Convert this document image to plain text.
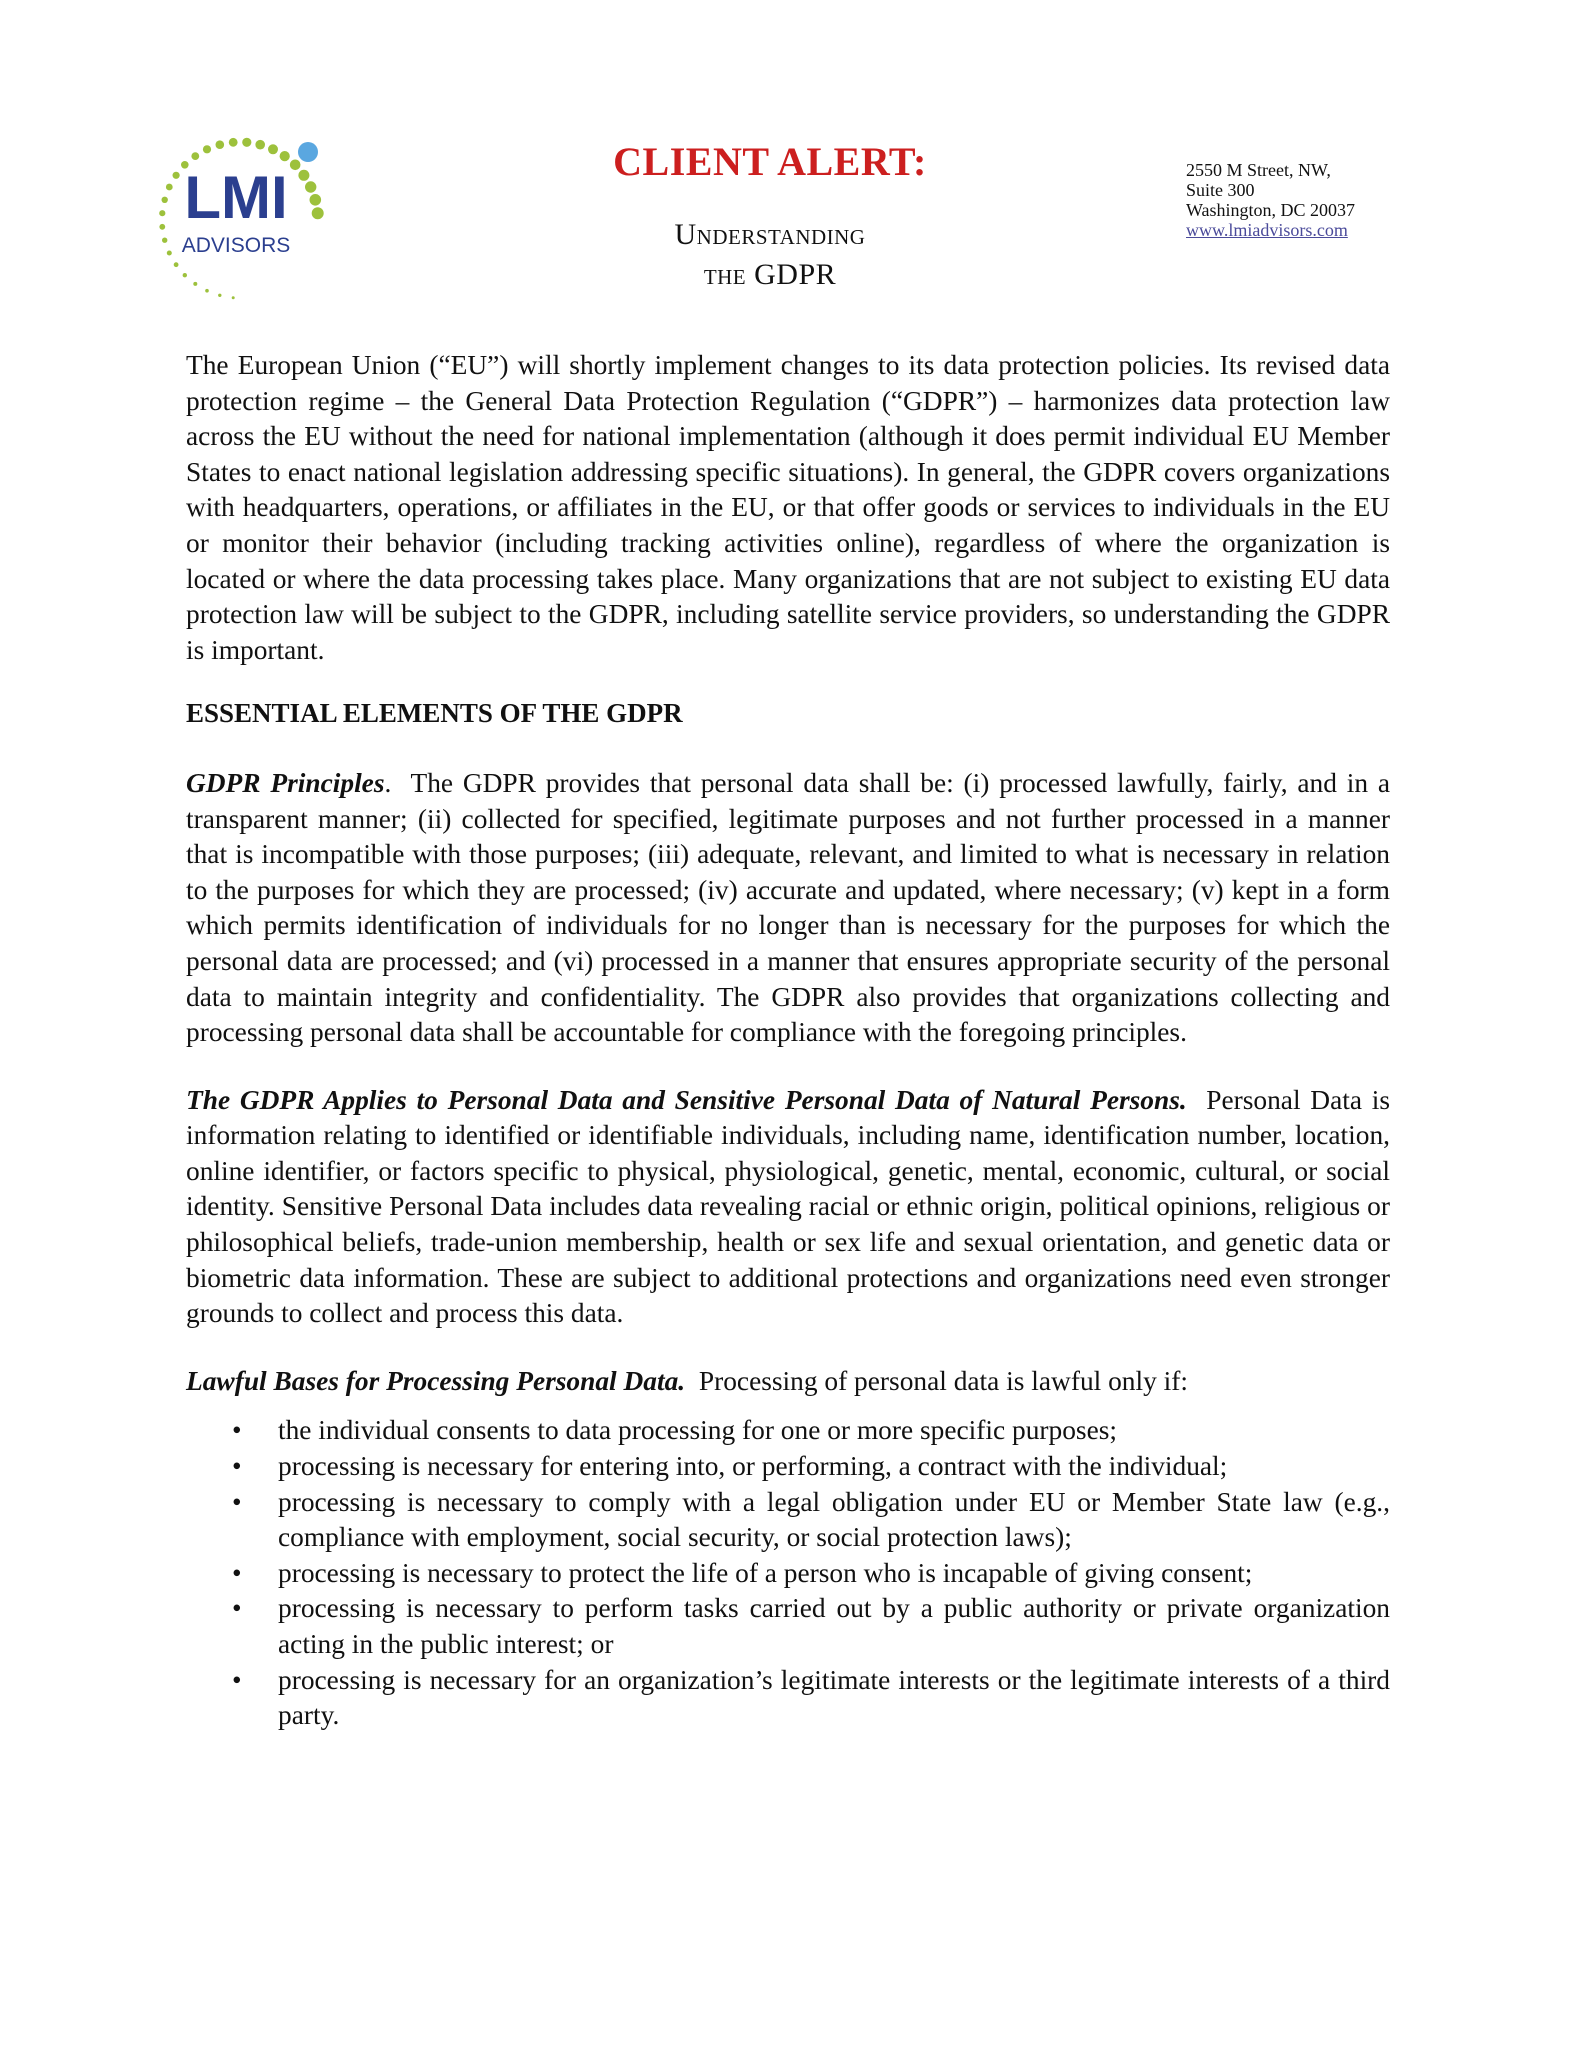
LMI
ADVISORS
CLIENT ALERT:
Understanding
the GDPR
2550 M Street, NW,
Suite 300
Washington, DC 20037
www.lmiadvisors.com

The European Union (“EU”) will shortly implement changes to its data protection policies. Its revised data protection regime – the General Data Protection Regulation (“GDPR”) – harmonizes data protection law across the EU without the need for national implementation (although it does permit individual EU Member States to enact national legislation addressing specific situations). In general, the GDPR covers organizations with headquarters, operations, or affiliates in the EU, or that offer goods or services to individuals in the EU or monitor their behavior (including tracking activities online), regardless of where the organization is located or where the data processing takes place. Many organizations that are not subject to existing EU data protection law will be subject to the GDPR, including satellite service providers, so understanding the GDPR is important.

ESSENTIAL ELEMENTS OF THE GDPR

GDPR Principles.  The GDPR provides that personal data shall be: (i) processed lawfully, fairly, and in a transparent manner; (ii) collected for specified, legitimate purposes and not further processed in a manner that is incompatible with those purposes; (iii) adequate, relevant, and limited to what is necessary in relation to the purposes for which they are processed; (iv) accurate and updated, where necessary; (v) kept in a form which permits identification of individuals for no longer than is necessary for the purposes for which the personal data are processed; and (vi) processed in a manner that ensures appropriate security of the personal data to maintain integrity and confidentiality. The GDPR also provides that organizations collecting and processing personal data shall be accountable for compliance with the foregoing principles.

The GDPR Applies to Personal Data and Sensitive Personal Data of Natural Persons. Personal Data is information relating to identified or identifiable individuals, including name, identification number, location, online identifier, or factors specific to physical, physiological, genetic, mental, economic, cultural, or social identity. Sensitive Personal Data includes data revealing racial or ethnic origin, political opinions, religious or philosophical beliefs, trade-union membership, health or sex life and sexual orientation, and genetic data or biometric data information. These are subject to additional protections and organizations need even stronger grounds to collect and process this data.

Lawful Bases for Processing Personal Data. Processing of personal data is lawful only if:

• the individual consents to data processing for one or more specific purposes;
• processing is necessary for entering into, or performing, a contract with the individual;
• processing is necessary to comply with a legal obligation under EU or Member State law (e.g., compliance with employment, social security, or social protection laws);
• processing is necessary to protect the life of a person who is incapable of giving consent;
• processing is necessary to perform tasks carried out by a public authority or private organization acting in the public interest; or
• processing is necessary for an organization’s legitimate interests or the legitimate interests of a third party.
